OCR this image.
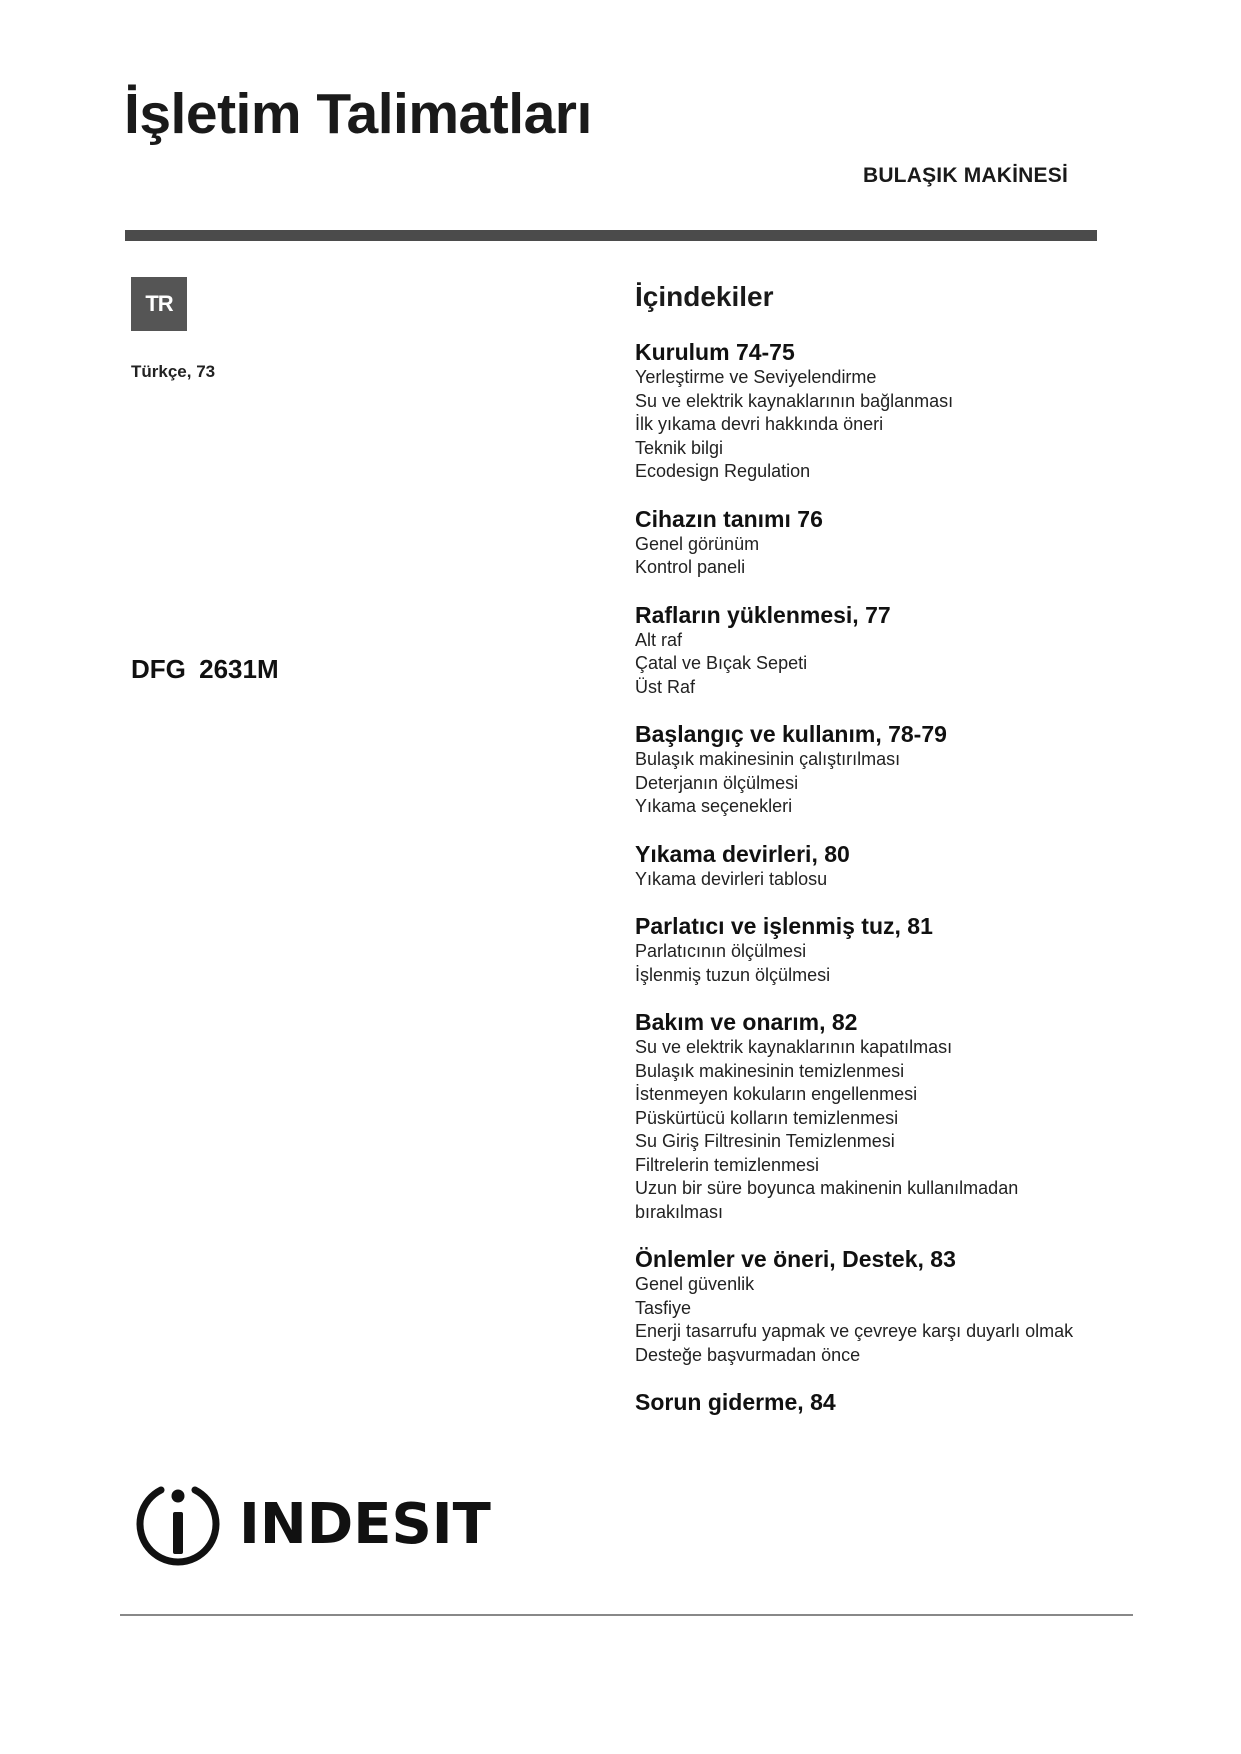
İşletim Talimatları
BULAŞIK MAKİNESİ
TR
Türkçe, 73
DFG 2631M
İçindekiler
Kurulum 74-75
Yerleştirme ve Seviyelendirme
Su ve elektrik kaynaklarının bağlanması
İlk yıkama devri hakkında öneri
Teknik bilgi
Ecodesign Regulation
Cihazın tanımı 76
Genel görünüm
Kontrol paneli
Rafların yüklenmesi, 77
Alt raf
Çatal ve Bıçak Sepeti
Üst Raf
Başlangıç ve kullanım, 78-79
Bulaşık makinesinin çalıştırılması
Deterjanın ölçülmesi
Yıkama seçenekleri
Yıkama devirleri, 80
Yıkama devirleri tablosu
Parlatıcı ve işlenmiş tuz, 81
Parlatıcının ölçülmesi
İşlenmiş tuzun ölçülmesi
Bakım ve onarım, 82
Su ve elektrik kaynaklarının kapatılması
Bulaşık makinesinin temizlenmesi
İstenmeyen kokuların engellenmesi
Püskürtücü kolların temizlenmesi
Su Giriş Filtresinin Temizlenmesi
Filtrelerin temizlenmesi
Uzun bir süre boyunca makinenin kullanılmadan
bırakılması
Önlemler ve öneri, Destek, 83
Genel güvenlik
Tasfiye
Enerji tasarrufu yapmak ve çevreye karşı duyarlı olmak
Desteğe başvurmadan önce
Sorun giderme, 84
INDESIT
